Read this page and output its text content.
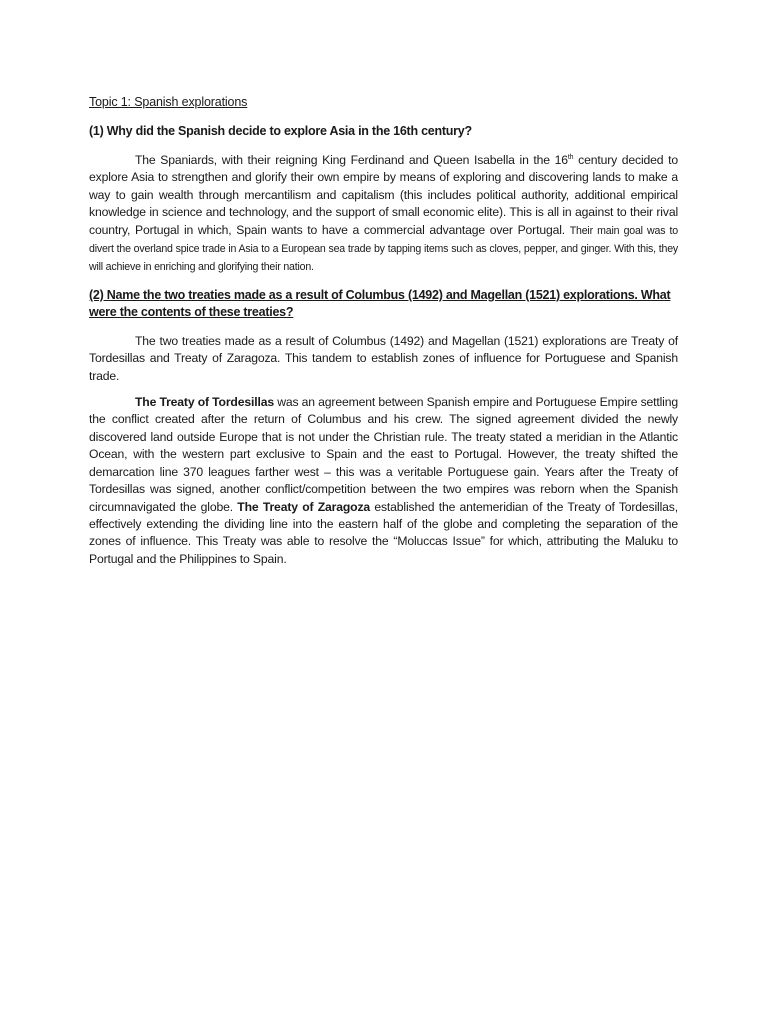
Topic 1: Spanish explorations
(1) Why did the Spanish decide to explore Asia in the 16th century?

The Spaniards, with their reigning King Ferdinand and Queen Isabella in the 16th century decided to explore Asia to strengthen and glorify their own empire by means of exploring and discovering lands to make a way to gain wealth through mercantilism and capitalism (this includes political authority, additional empirical knowledge in science and technology, and the support of small economic elite). This is all in against to their rival country, Portugal in which, Spain wants to have a commercial advantage over Portugal. Their main goal was to divert the overland spice trade in Asia to a European sea trade by tapping items such as cloves, pepper, and ginger. With this, they will achieve in enriching and glorifying their nation.

(2) Name the two treaties made as a result of Columbus (1492) and Magellan (1521) explorations. What were the contents of these treaties?

The two treaties made as a result of Columbus (1492) and Magellan (1521) explorations are Treaty of Tordesillas and Treaty of Zaragoza. This tandem to establish zones of influence for Portuguese and Spanish trade.

The Treaty of Tordesillas was an agreement between Spanish empire and Portuguese Empire settling the conflict created after the return of Columbus and his crew. The signed agreement divided the newly discovered land outside Europe that is not under the Christian rule. The treaty stated a meridian in the Atlantic Ocean, with the western part exclusive to Spain and the east to Portugal. However, the treaty shifted the demarcation line 370 leagues farther west – this was a veritable Portuguese gain. Years after the Treaty of Tordesillas was signed, another conflict/competition between the two empires was reborn when the Spanish circumnavigated the globe. The Treaty of Zaragoza established the antemeridian of the Treaty of Tordesillas, effectively extending the dividing line into the eastern half of the globe and completing the separation of the zones of influence. This Treaty was able to resolve the “Moluccas Issue” for which, attributing the Maluku to Portugal and the Philippines to Spain.
